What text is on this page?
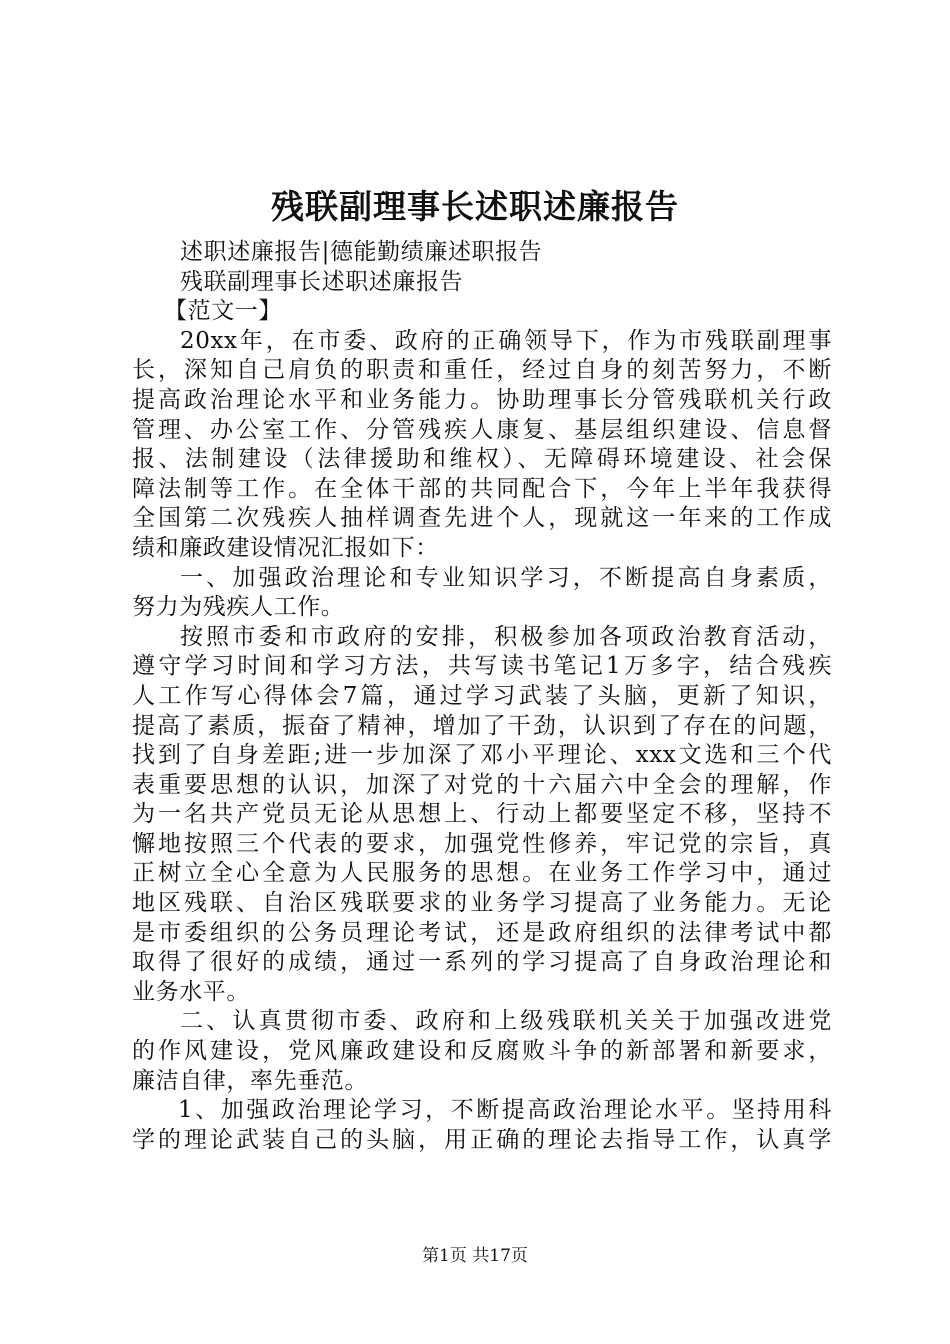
残联副理事长述职述廉报告
述职述廉报告|德能勤绩廉述职报告
残联副理事长述职述廉报告
【范文一】
20xx年，在市委、政府的正确领导下，作为市残联副理事
长，深知自己肩负的职责和重任，经过自身的刻苦努力，不断
提高政治理论水平和业务能力。协助理事长分管残联机关行政
管理、办公室工作、分管残疾人康复、基层组织建设、信息督
报、法制建设（法律援助和维权）、无障碍环境建设、社会保
障法制等工作。在全体干部的共同配合下，今年上半年我获得
全国第二次残疾人抽样调查先进个人，现就这一年来的工作成
绩和廉政建设情况汇报如下：
一、加强政治理论和专业知识学习，不断提高自身素质，
努力为残疾人工作。
按照市委和市政府的安排，积极参加各项政治教育活动，
遵守学习时间和学习方法，共写读书笔记1万多字，结合残疾
人工作写心得体会7篇，通过学习武装了头脑，更新了知识，
提高了素质，振奋了精神，增加了干劲，认识到了存在的问题，
找到了自身差距;进一步加深了邓小平理论、xxx文选和三个代
表重要思想的认识，加深了对党的十六届六中全会的理解，作
为一名共产党员无论从思想上、行动上都要坚定不移，坚持不
懈地按照三个代表的要求，加强党性修养，牢记党的宗旨，真
正树立全心全意为人民服务的思想。在业务工作学习中，通过
地区残联、自治区残联要求的业务学习提高了业务能力。无论
是市委组织的公务员理论考试，还是政府组织的法律考试中都
取得了很好的成绩，通过一系列的学习提高了自身政治理论和
业务水平。
二、认真贯彻市委、政府和上级残联机关关于加强改进党
的作风建设，党风廉政建设和反腐败斗争的新部署和新要求，
廉洁自律，率先垂范。
1、加强政治理论学习，不断提高政治理论水平。坚持用科
学的理论武装自己的头脑，用正确的理论去指导工作，认真学
第1页 共17页
